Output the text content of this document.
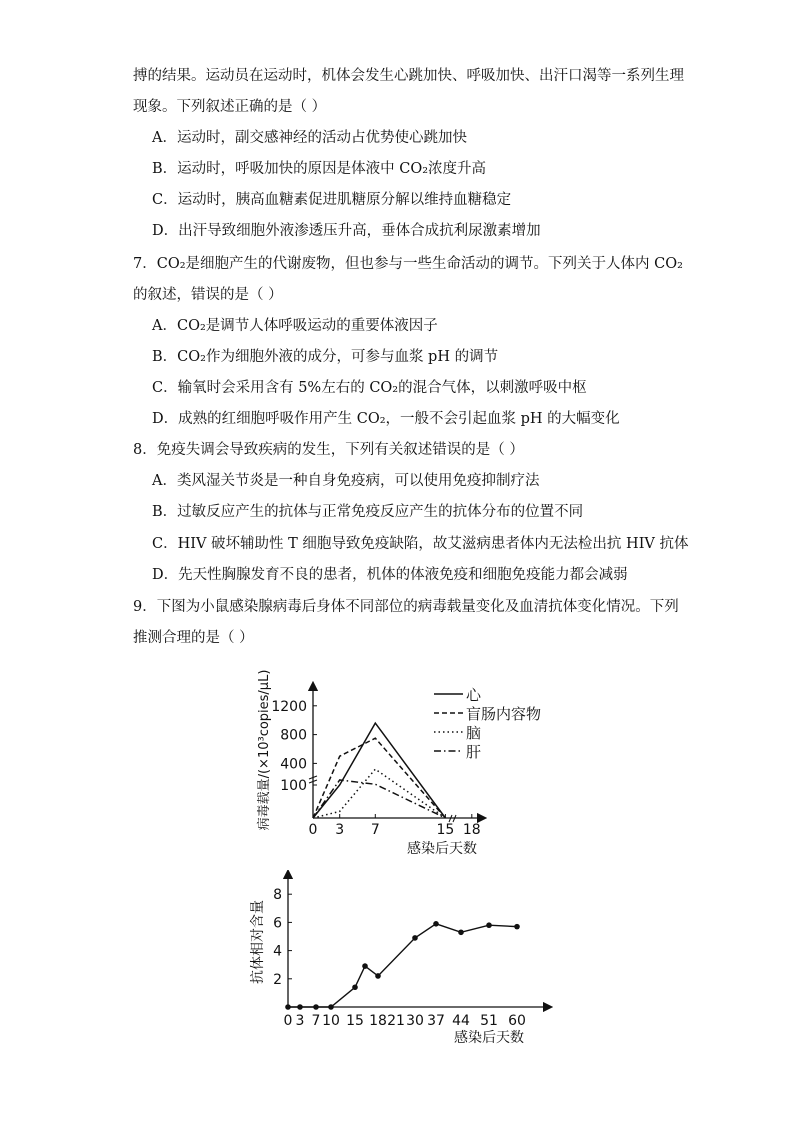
搏的结果。运动员在运动时，机体会发生心跳加快、呼吸加快、出汗口渴等一系列生理
现象。下列叙述正确的是（ ）
A．运动时，副交感神经的活动占优势使心跳加快
B．运动时，呼吸加快的原因是体液中 CO₂浓度升高
C．运动时，胰高血糖素促进肌糖原分解以维持血糖稳定
D．出汗导致细胞外液渗透压升高，垂体合成抗利尿激素增加
7．CO₂是细胞产生的代谢废物，但也参与一些生命活动的调节。下列关于人体内 CO₂
的叙述，错误的是（ ）
A．CO₂是调节人体呼吸运动的重要体液因子
B．CO₂作为细胞外液的成分，可参与血浆 pH 的调节
C．输氧时会采用含有 5%左右的 CO₂的混合气体，以刺激呼吸中枢
D．成熟的红细胞呼吸作用产生 CO₂，一般不会引起血浆 pH 的大幅变化
8．免疫失调会导致疾病的发生，下列有关叙述错误的是（ ）
A．类风湿关节炎是一种自身免疫病，可以使用免疫抑制疗法
B．过敏反应产生的抗体与正常免疫反应产生的抗体分布的位置不同
C．HIV 破坏辅助性 T 细胞导致免疫缺陷，故艾滋病患者体内无法检出抗 HIV 抗体
D．先天性胸腺发育不良的患者，机体的体液免疫和细胞免疫能力都会减弱
9．下图为小鼠感染腺病毒后身体不同部位的病毒载量变化及血清抗体变化情况。下列
推测合理的是（ ）
100
400
800
1200
0 3 7	15 18
心
盲肠内容物
脑
肝
病毒载量/(×10³copies/μL)
感染后天数
2
4
6
8
0 3 7 10 15 18 21 30 37 44 51 60
抗体相对含量
感染后天数
